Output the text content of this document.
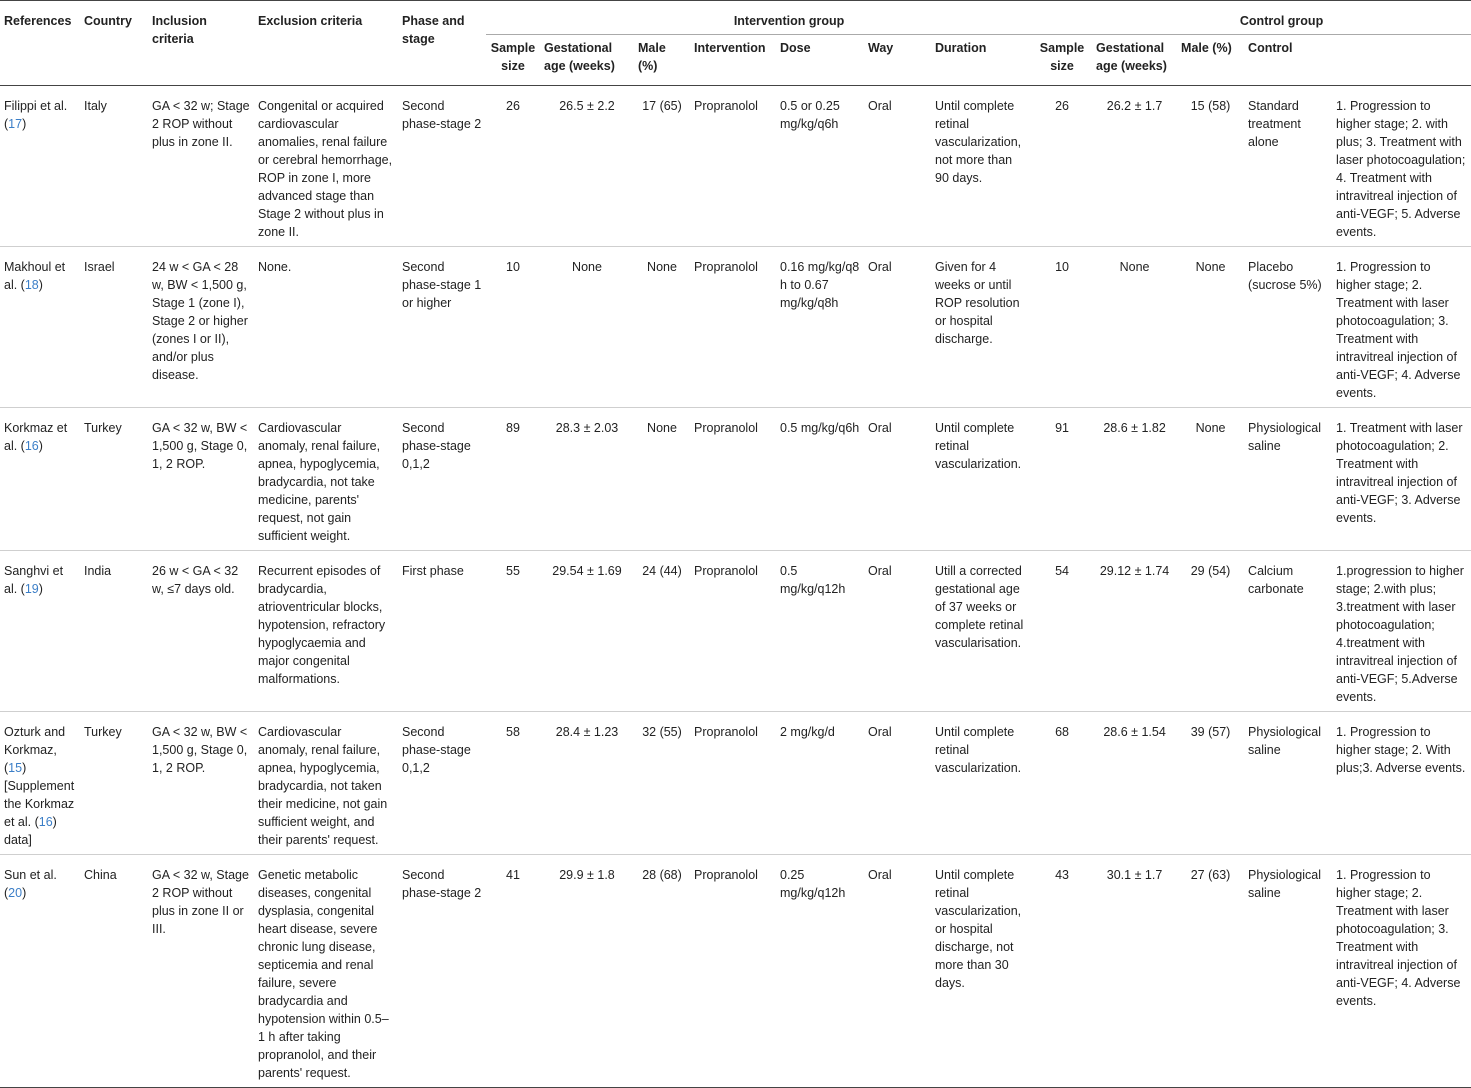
References	Country	Inclusion criteria	Exclusion criteria	Phase and stage	Intervention group								Control group	
					Sample size	Gestational age (weeks)	Male (%)	Intervention	Dose	Way	Duration	Sample size	Gestational age (weeks)	Male (%)	Control		
Filippi et al. (17)	Italy	GA < 32 w; Stage 2 ROP without plus in zone II.	Congenital or acquired cardiovascular anomalies, renal failure or cerebral hemorrhage, ROP in zone I, more advanced stage than Stage 2 without plus in zone II.	Second phase-stage 2	26	26.5 ± 2.2	17 (65)	Propranolol	0.5 or 0.25 mg/kg/q6h	Oral	Until complete retinal vascularization, not more than 90 days.	26	26.2 ± 1.7	15 (58)	Standard treatment alone	1. Progression to higher stage; 2. with plus; 3. Treatment with laser photocoagulation; 4. Treatment with intravitreal injection of anti-VEGF; 5. Adverse events.	
Makhoul et al. (18)	Israel	24 w < GA < 28 w, BW < 1,500 g, Stage 1 (zone I), Stage 2 or higher (zones I or II), and/or plus disease.	None.	Second phase-stage 1 or higher	10	None	None	Propranolol	0.16 mg/kg/q8 h to 0.67 mg/kg/q8h	Oral	Given for 4 weeks or until ROP resolution or hospital discharge.	10	None	None	Placebo (sucrose 5%)	1. Progression to higher stage; 2. Treatment with laser photocoagulation; 3. Treatment with intravitreal injection of anti-VEGF; 4. Adverse events.	
Korkmaz et al. (16)	Turkey	GA < 32 w, BW < 1,500 g, Stage 0, 1, 2 ROP.	Cardiovascular anomaly, renal failure, apnea, hypoglycemia, bradycardia, not take medicine, parents' request, not gain sufficient weight.	Second phase-stage 0,1,2	89	28.3 ± 2.03	None	Propranolol	0.5 mg/kg/q6h	Oral	Until complete retinal vascularization.	91	28.6 ± 1.82	None	Physiological saline	1. Treatment with laser photocoagulation; 2. Treatment with intravitreal injection of anti-VEGF; 3. Adverse events.	
Sanghvi et al. (19)	India	26 w < GA < 32 w, ≤7 days old.	Recurrent episodes of bradycardia, atrioventricular blocks, hypotension, refractory hypoglycaemia and major congenital malformations.	First phase	55	29.54 ± 1.69	24 (44)	Propranolol	0.5 mg/kg/q12h	Oral	Utill a corrected gestational age of 37 weeks or complete retinal vascularisation.	54	29.12 ± 1.74	29 (54)	Calcium carbonate	1.progression to higher stage; 2.with plus; 3.treatment with laser photocoagulation; 4.treatment with intravitreal injection of anti-VEGF; 5.Adverse events.	
Ozturk and Korkmaz, (15) [Supplement the Korkmaz et al. (16) data]	Turkey	GA < 32 w, BW < 1,500 g, Stage 0, 1, 2 ROP.	Cardiovascular anomaly, renal failure, apnea, hypoglycemia, bradycardia, not taken their medicine, not gain sufficient weight, and their parents' request.	Second phase-stage 0,1,2	58	28.4 ± 1.23	32 (55)	Propranolol	2 mg/kg/d	Oral	Until complete retinal vascularization.	68	28.6 ± 1.54	39 (57)	Physiological saline	1. Progression to higher stage; 2. With plus;3. Adverse events.	
Sun et al. (20)	China	GA < 32 w, Stage 2 ROP without plus in zone II or III.	Genetic metabolic diseases, congenital dysplasia, congenital heart disease, severe chronic lung disease, septicemia and renal failure, severe bradycardia and hypotension within 0.5–1 h after taking propranolol, and their parents' request.	Second phase-stage 2	41	29.9 ± 1.8	28 (68)	Propranolol	0.25 mg/kg/q12h	Oral	Until complete retinal vascularization, or hospital discharge, not more than 30 days.	43	30.1 ± 1.7	27 (63)	Physiological saline	1. Progression to higher stage; 2. Treatment with laser photocoagulation; 3. Treatment with intravitreal injection of anti-VEGF; 4. Adverse events.	
